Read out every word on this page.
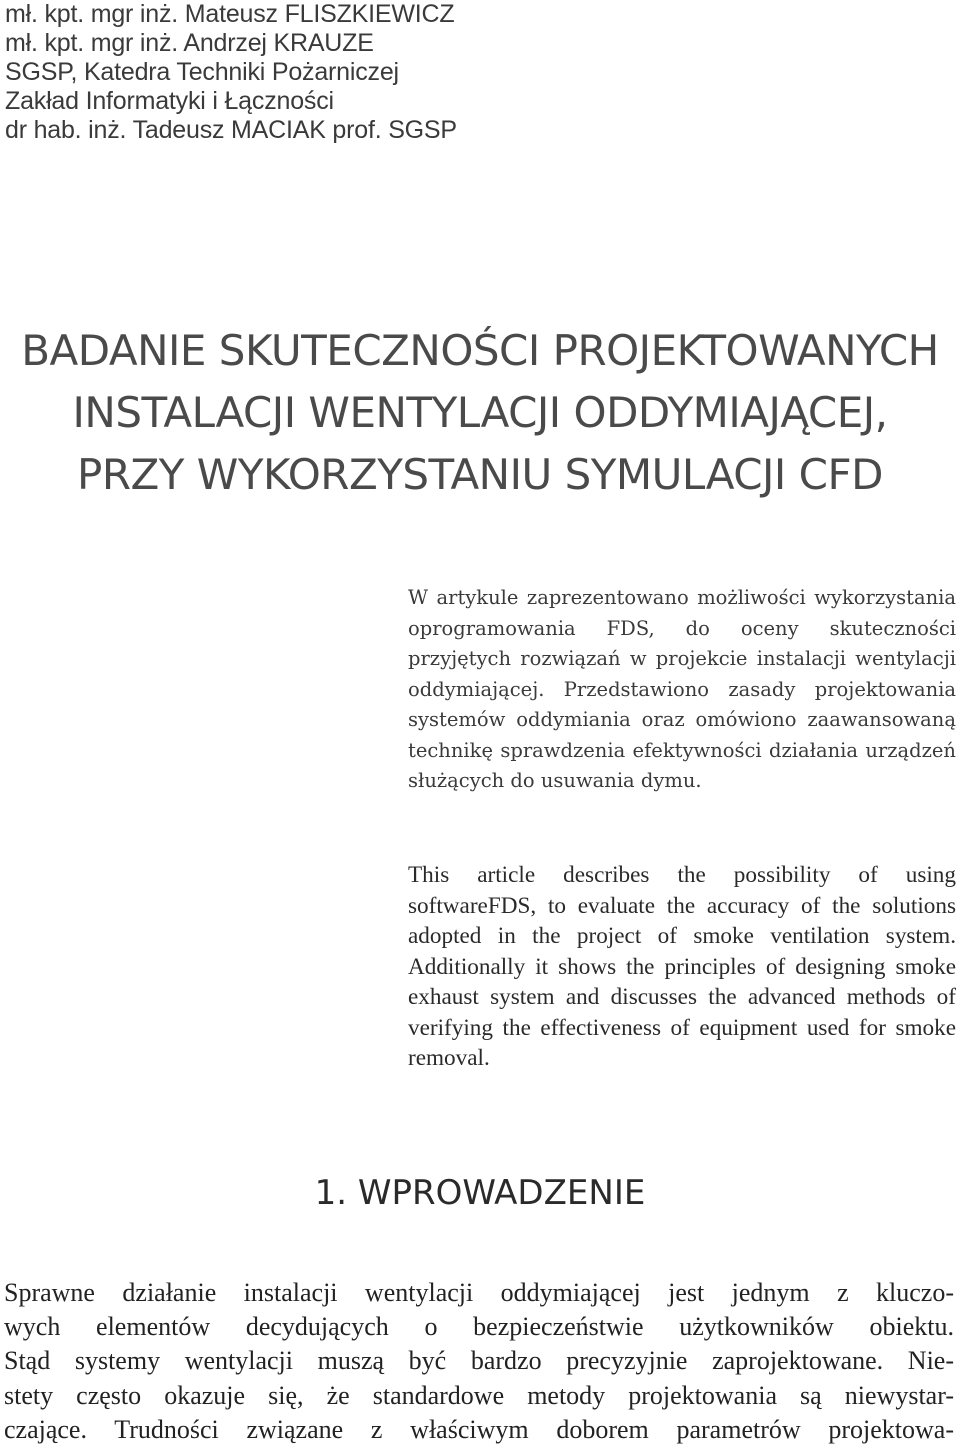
mł. kpt. mgr inż. Mateusz FLISZKIEWICZ
mł. kpt. mgr inż. Andrzej KRAUZE
SGSP, Katedra Techniki Pożarniczej
Zakład Informatyki i Łączności
dr hab. inż. Tadeusz MACIAK prof. SGSP
BADANIE SKUTECZNOŚCI PROJEKTOWANYCH
INSTALACJI WENTYLACJI ODDYMIAJĄCEJ,
PRZY WYKORZYSTANIU SYMULACJI CFD
W artykule zaprezentowano możliwości wykorzystania oprogramowania FDS, do oceny skuteczności przyjętych rozwiązań w projekcie instalacji wentylacji oddymiającej. Przedstawiono zasady projektowania systemów oddymiania oraz omówiono zaawansowaną technikę sprawdzenia efektywności działania urządzeń służących do usuwania dymu.
This article describes the possibility of using softwareFDS, to evaluate the accuracy of the solutions adopted in the project of smoke ventilation system. Additionally it shows the principles of designing smoke exhaust system and discusses the advanced methods of verifying the effectiveness of equipment used for smoke removal.
1. WPROWADZENIE
Sprawne działanie instalacji wentylacji oddymiającej jest jednym z kluczo-
wych elementów decydujących o bezpieczeństwie użytkowników obiektu.
Stąd systemy wentylacji muszą być bardzo precyzyjnie zaprojektowane. Nie-
stety często okazuje się, że standardowe metody projektowania są niewystar-
czające. Trudności związane z właściwym doborem parametrów projektowa-
